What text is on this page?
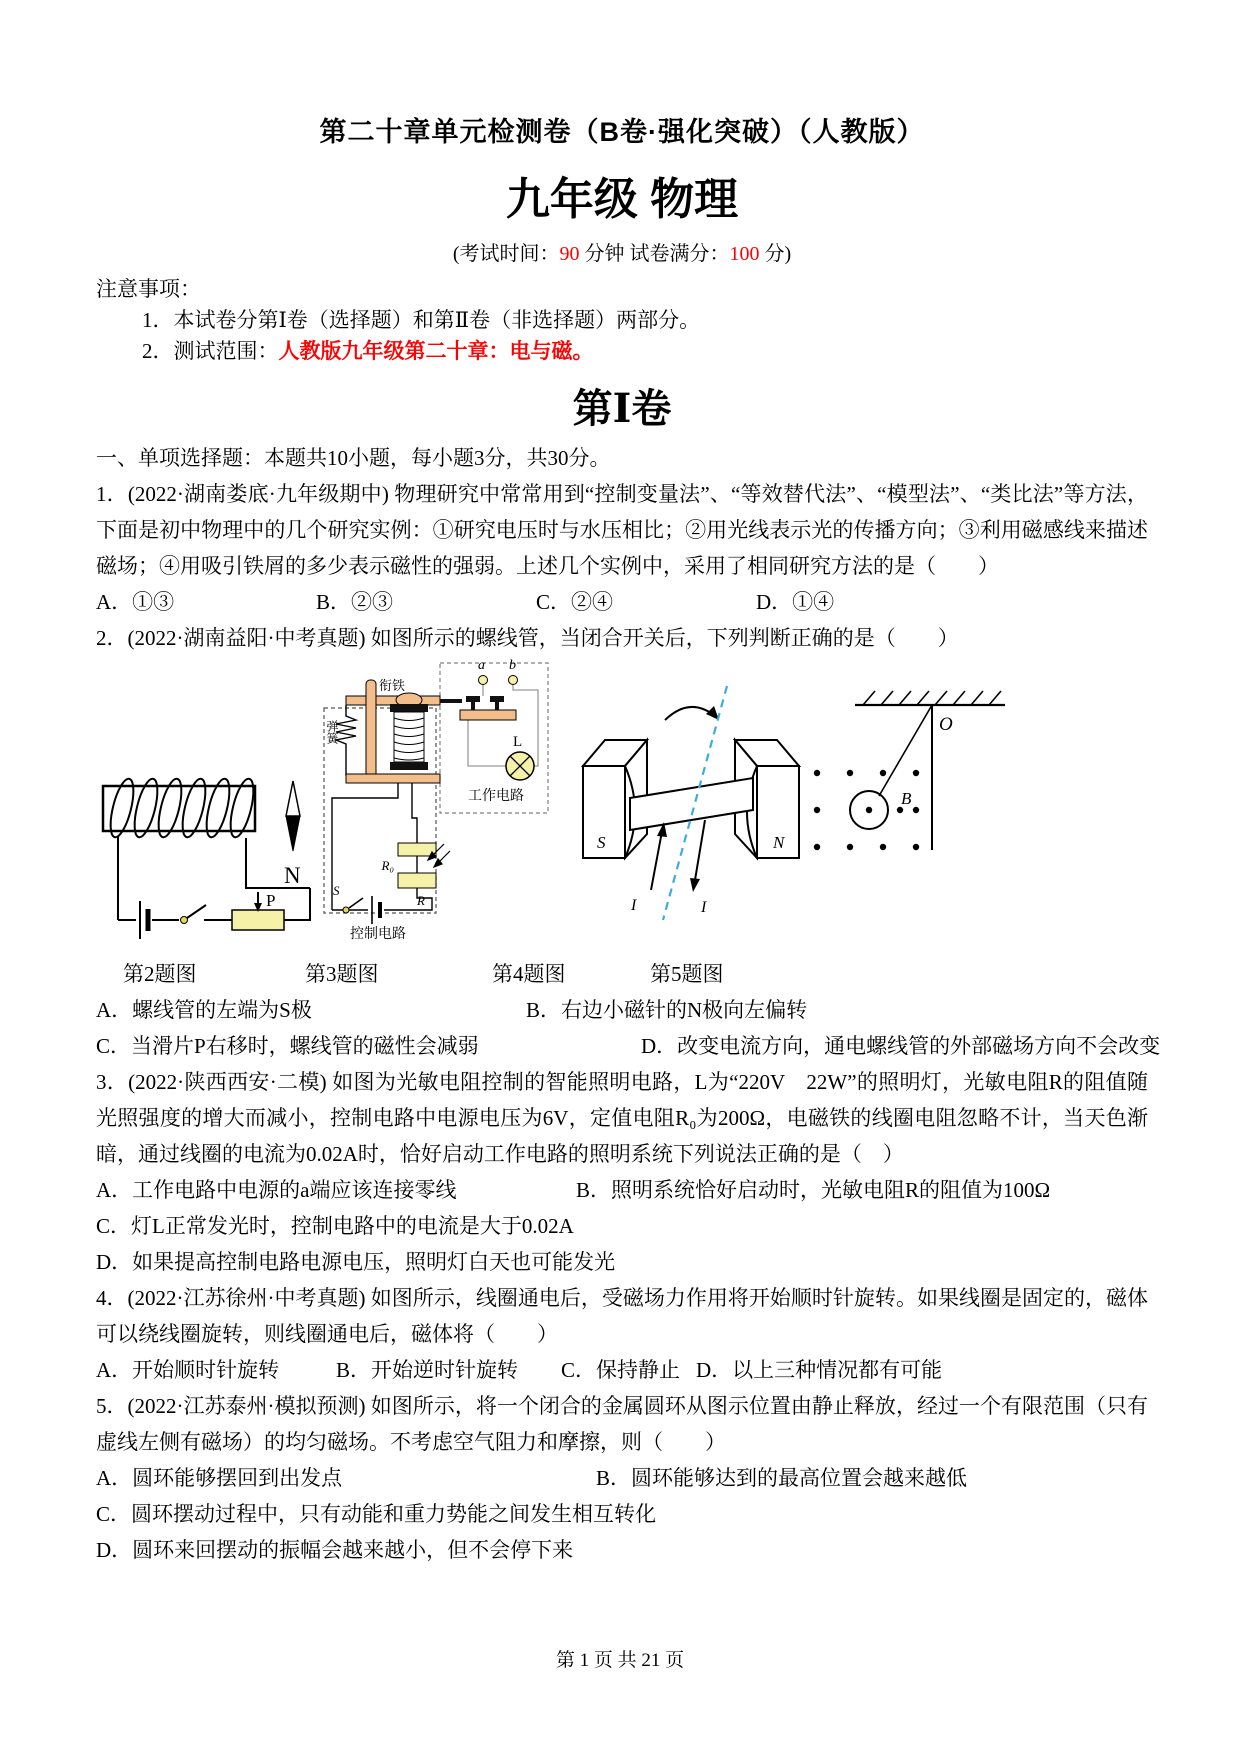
第二十章单元检测卷（B卷·强化突破）（人教版）
九年级 物理
(考试时间：90 分钟 试卷满分：100 分)
注意事项：
1．本试卷分第Ⅰ卷（选择题）和第Ⅱ卷（非选择题）两部分。
2．测试范围：人教版九年级第二十章：电与磁。
第Ⅰ卷
一、单项选择题：本题共10小题，每小题3分，共30分。

1．(2022·湖南娄底·九年级期中) 物理研究中常常用到“控制变量法”、“等效替代法”、“模型法”、“类比法”等方法，下面是初中物理中的几个研究实例：①研究电压时与水压相比；②用光线表示光的传播方向；③利用磁感线来描述磁场；④用吸引铁屑的多少表示磁性的强弱。上述几个实例中，采用了相同研究方法的是（　　）

A．①③	B．②③	C．②④	D．①④

2．(2022·湖南益阳·中考真题) 如图所示的螺线管，当闭合开关后，下列判断正确的是（　　）

P
N
控制电路
工作电路
a b
L
衔铁
弹簧
S
R₀
R
S	N
I	I
O
B
第2题图	第3题图	第4题图	第5题图
A．螺线管的左端为S极	B．右边小磁针的N极向左偏转
C．当滑片P右移时，螺线管的磁性会减弱	D．改变电流方向，通电螺线管的外部磁场方向不会改变

3．(2022·陕西西安·二模) 如图为光敏电阻控制的智能照明电路，L为“220V　22W”的照明灯，光敏电阻R的阻值随光照强度的增大而减小，控制电路中电源电压为6V，定值电阻R₀为200Ω，电磁铁的线圈电阻忽略不计，当天色渐暗，通过线圈的电流为0.02A时，恰好启动工作电路的照明系统下列说法正确的是（　）

A．工作电路中电源的a端应该连接零线	B．照明系统恰好启动时，光敏电阻R的阻值为100Ω
C．灯L正常发光时，控制电路中的电流是大于0.02A
D．如果提高控制电路电源电压，照明灯白天也可能发光

4．(2022·江苏徐州·中考真题) 如图所示，线圈通电后，受磁场力作用将开始顺时针旋转。如果线圈是固定的，磁体可以绕线圈旋转，则线圈通电后，磁体将（　　）

A．开始顺时针旋转	B．开始逆时针旋转	C．保持静止 D．以上三种情况都有可能

5．(2022·江苏泰州·模拟预测) 如图所示，将一个闭合的金属圆环从图示位置由静止释放，经过一个有限范围（只有虚线左侧有磁场）的均匀磁场。不考虑空气阻力和摩擦，则（　　）

A．圆环能够摆回到出发点	B．圆环能够达到的最高位置会越来越低
C．圆环摆动过程中，只有动能和重力势能之间发生相互转化
D．圆环来回摆动的振幅会越来越小，但不会停下来
第 1 页 共 21 页
